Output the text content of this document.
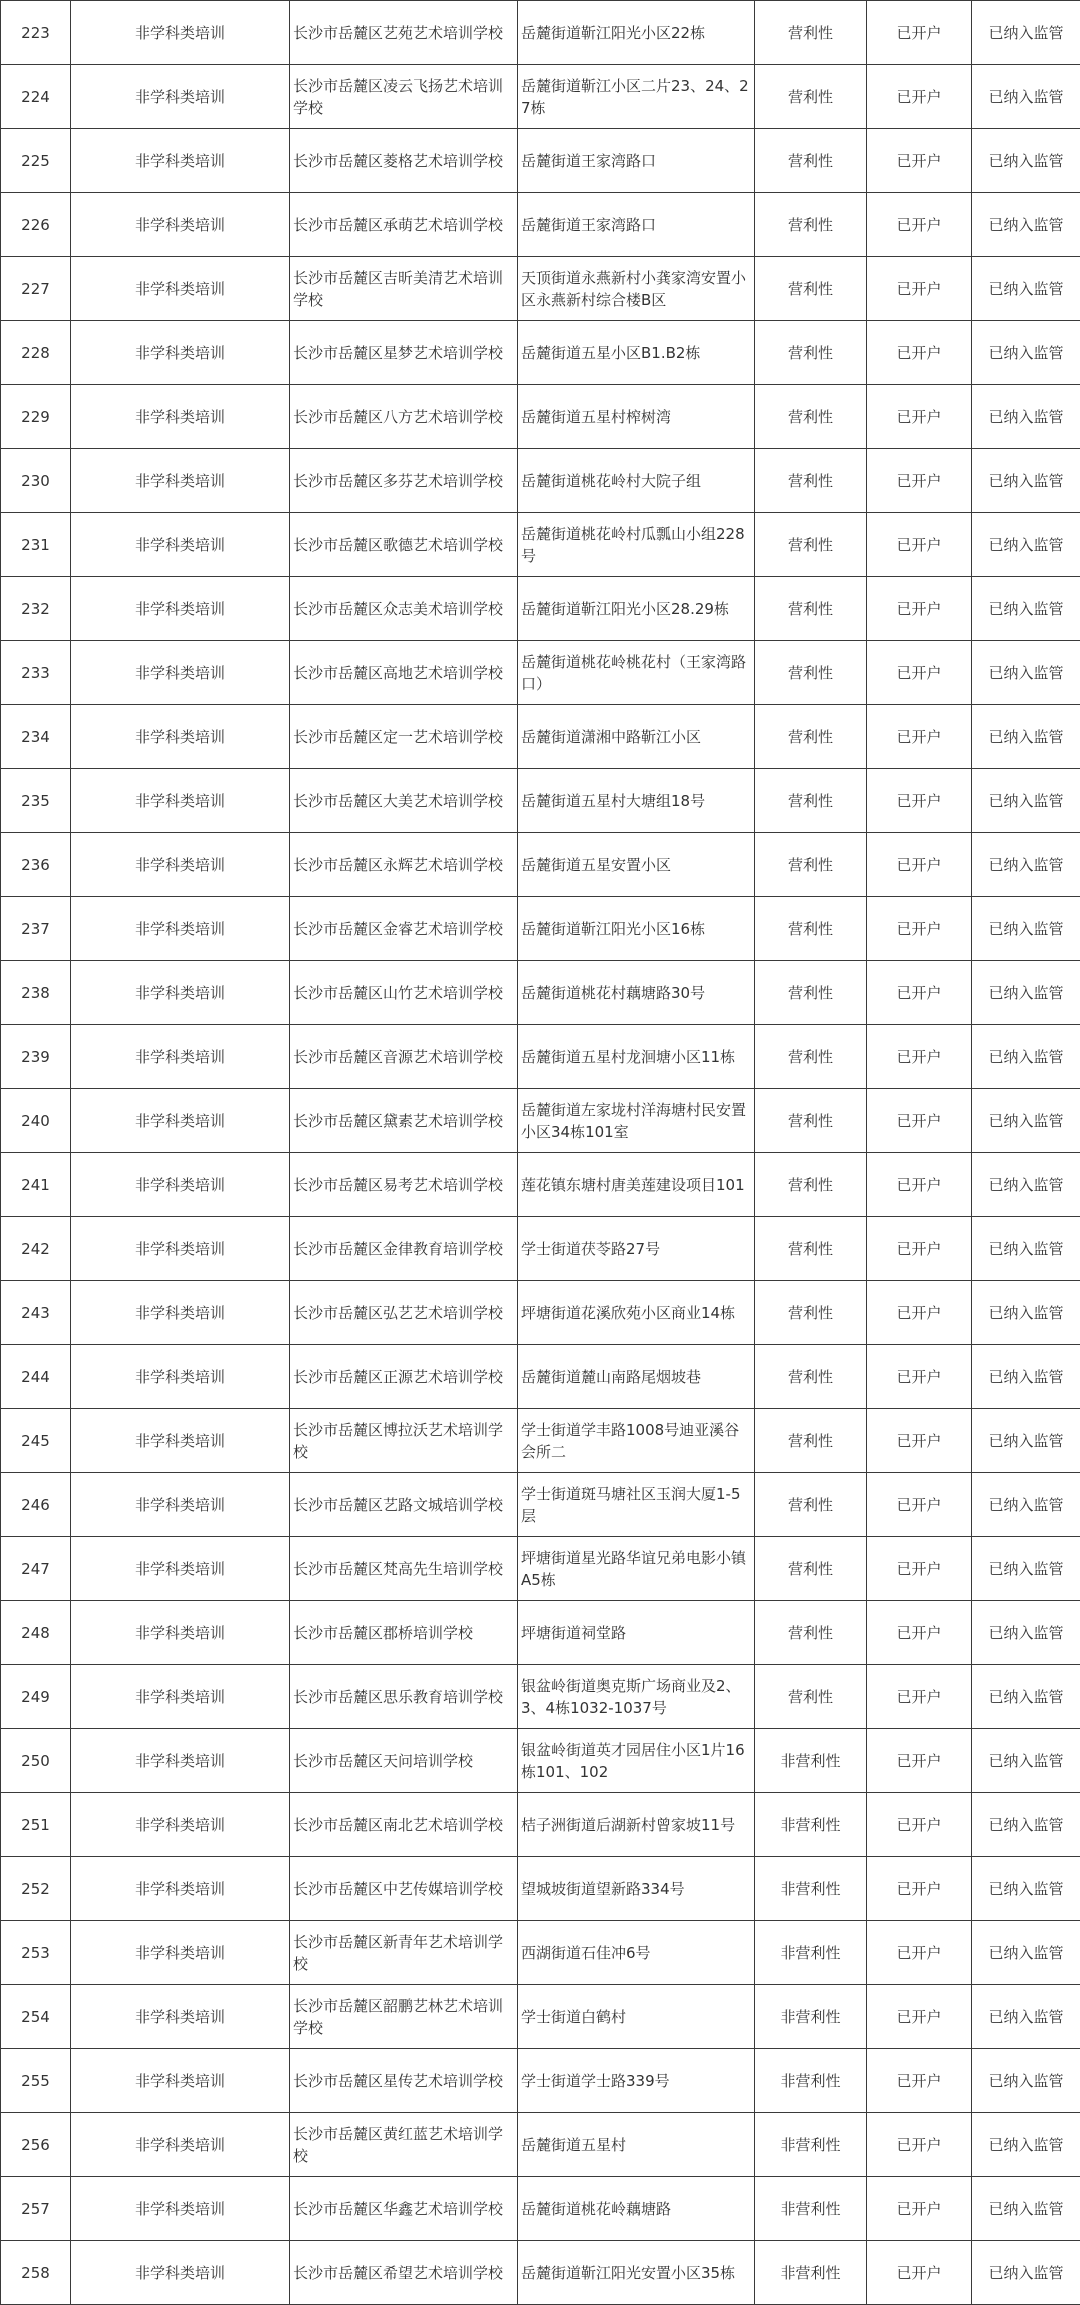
223	非学科类培训	长沙市岳麓区艺苑艺术培训学校	岳麓街道靳江阳光小区22栋	营利性	已开户	已纳入监管
224	非学科类培训	长沙市岳麓区凌云飞扬艺术培训学校	岳麓街道靳江小区二片23、24、27栋	营利性	已开户	已纳入监管
225	非学科类培训	长沙市岳麓区菱格艺术培训学校	岳麓街道王家湾路口	营利性	已开户	已纳入监管
226	非学科类培训	长沙市岳麓区承萌艺术培训学校	岳麓街道王家湾路口	营利性	已开户	已纳入监管
227	非学科类培训	长沙市岳麓区吉昕美清艺术培训学校	天顶街道永燕新村小龚家湾安置小区永燕新村综合楼B区	营利性	已开户	已纳入监管
228	非学科类培训	长沙市岳麓区星梦艺术培训学校	岳麓街道五星小区B1.B2栋	营利性	已开户	已纳入监管
229	非学科类培训	长沙市岳麓区八方艺术培训学校	岳麓街道五星村榨树湾	营利性	已开户	已纳入监管
230	非学科类培训	长沙市岳麓区多芬艺术培训学校	岳麓街道桃花岭村大院子组	营利性	已开户	已纳入监管
231	非学科类培训	长沙市岳麓区歌德艺术培训学校	岳麓街道桃花岭村瓜瓢山小组228号	营利性	已开户	已纳入监管
232	非学科类培训	长沙市岳麓区众志美术培训学校	岳麓街道靳江阳光小区28.29栋	营利性	已开户	已纳入监管
233	非学科类培训	长沙市岳麓区高地艺术培训学校	岳麓街道桃花岭桃花村（王家湾路口）	营利性	已开户	已纳入监管
234	非学科类培训	长沙市岳麓区定一艺术培训学校	岳麓街道潇湘中路靳江小区	营利性	已开户	已纳入监管
235	非学科类培训	长沙市岳麓区大美艺术培训学校	岳麓街道五星村大塘组18号	营利性	已开户	已纳入监管
236	非学科类培训	长沙市岳麓区永辉艺术培训学校	岳麓街道五星安置小区	营利性	已开户	已纳入监管
237	非学科类培训	长沙市岳麓区金睿艺术培训学校	岳麓街道靳江阳光小区16栋	营利性	已开户	已纳入监管
238	非学科类培训	长沙市岳麓区山竹艺术培训学校	岳麓街道桃花村藕塘路30号	营利性	已开户	已纳入监管
239	非学科类培训	长沙市岳麓区音源艺术培训学校	岳麓街道五星村龙洄塘小区11栋	营利性	已开户	已纳入监管
240	非学科类培训	长沙市岳麓区黛素艺术培训学校	岳麓街道左家垅村洋海塘村民安置小区34栋101室	营利性	已开户	已纳入监管
241	非学科类培训	长沙市岳麓区易考艺术培训学校	莲花镇东塘村唐美莲建设项目101	营利性	已开户	已纳入监管
242	非学科类培训	长沙市岳麓区金律教育培训学校	学士街道茯苓路27号	营利性	已开户	已纳入监管
243	非学科类培训	长沙市岳麓区弘艺艺术培训学校	坪塘街道花溪欣苑小区商业14栋	营利性	已开户	已纳入监管
244	非学科类培训	长沙市岳麓区正源艺术培训学校	岳麓街道麓山南路尾烟坡巷	营利性	已开户	已纳入监管
245	非学科类培训	长沙市岳麓区博拉沃艺术培训学校	学士街道学丰路1008号迪亚溪谷会所二	营利性	已开户	已纳入监管
246	非学科类培训	长沙市岳麓区艺路文城培训学校	学士街道斑马塘社区玉润大厦1-5层	营利性	已开户	已纳入监管
247	非学科类培训	长沙市岳麓区梵高先生培训学校	坪塘街道星光路华谊兄弟电影小镇A5栋	营利性	已开户	已纳入监管
248	非学科类培训	长沙市岳麓区郡桥培训学校	坪塘街道祠堂路	营利性	已开户	已纳入监管
249	非学科类培训	长沙市岳麓区思乐教育培训学校	银盆岭街道奥克斯广场商业及2、3、4栋1032-1037号	营利性	已开户	已纳入监管
250	非学科类培训	长沙市岳麓区天问培训学校	银盆岭街道英才园居住小区1片16栋101、102	非营利性	已开户	已纳入监管
251	非学科类培训	长沙市岳麓区南北艺术培训学校	桔子洲街道后湖新村曾家坡11号	非营利性	已开户	已纳入监管
252	非学科类培训	长沙市岳麓区中艺传媒培训学校	望城坡街道望新路334号	非营利性	已开户	已纳入监管
253	非学科类培训	长沙市岳麓区新青年艺术培训学校	西湖街道石佳冲6号	非营利性	已开户	已纳入监管
254	非学科类培训	长沙市岳麓区韶鹏艺林艺术培训学校	学士街道白鹤村	非营利性	已开户	已纳入监管
255	非学科类培训	长沙市岳麓区星传艺术培训学校	学士街道学士路339号	非营利性	已开户	已纳入监管
256	非学科类培训	长沙市岳麓区黄红蓝艺术培训学校	岳麓街道五星村	非营利性	已开户	已纳入监管
257	非学科类培训	长沙市岳麓区华鑫艺术培训学校	岳麓街道桃花岭藕塘路	非营利性	已开户	已纳入监管
258	非学科类培训	长沙市岳麓区希望艺术培训学校	岳麓街道靳江阳光安置小区35栋	非营利性	已开户	已纳入监管
